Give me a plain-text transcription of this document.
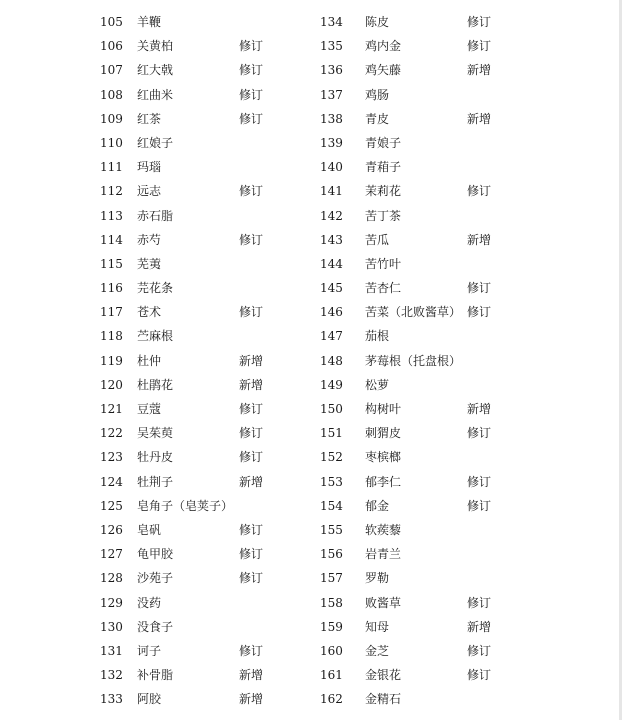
105 羊鞭
106 关黄柏	修订
107 红大戟	修订
108 红曲米	修订
109 红茶	修订
110 红娘子
111 玛瑙
112 远志	修订
113 赤石脂
114 赤芍	修订
115 芜荑
116 芫花条
117 苍术	修订
118 苎麻根
119 杜仲	新增
120 杜鹃花	新增
121 豆蔻	修订
122 吴茱萸	修订
123 牡丹皮	修订
124 牡荆子	新增
125 皂角子（皂荚子）
126 皂矾	修订
127 龟甲胶	修订
128 沙苑子	修订
129 没药
130 没食子
131 诃子	修订
132 补骨脂	新增
133 阿胶	新增
134 陈皮	修订
135 鸡内金	修订
136 鸡矢藤	新增
137 鸡肠
138 青皮	新增
139 青娘子
140 青葙子
141 茉莉花	修订
142 苦丁茶
143 苦瓜	新增
144 苦竹叶
145 苦杏仁	修订
146 苦菜（北败酱草） 修订
147 茄根
148 茅莓根（托盘根）
149 松萝
150 构树叶	新增
151 刺猬皮	修订
152 枣槟榔
153 郁李仁	修订
154 郁金	修订
155 软蒺藜
156 岩青兰
157 罗勒
158 败酱草	修订
159 知母	新增
160 金芝	修订
161 金银花	修订
162 金精石
